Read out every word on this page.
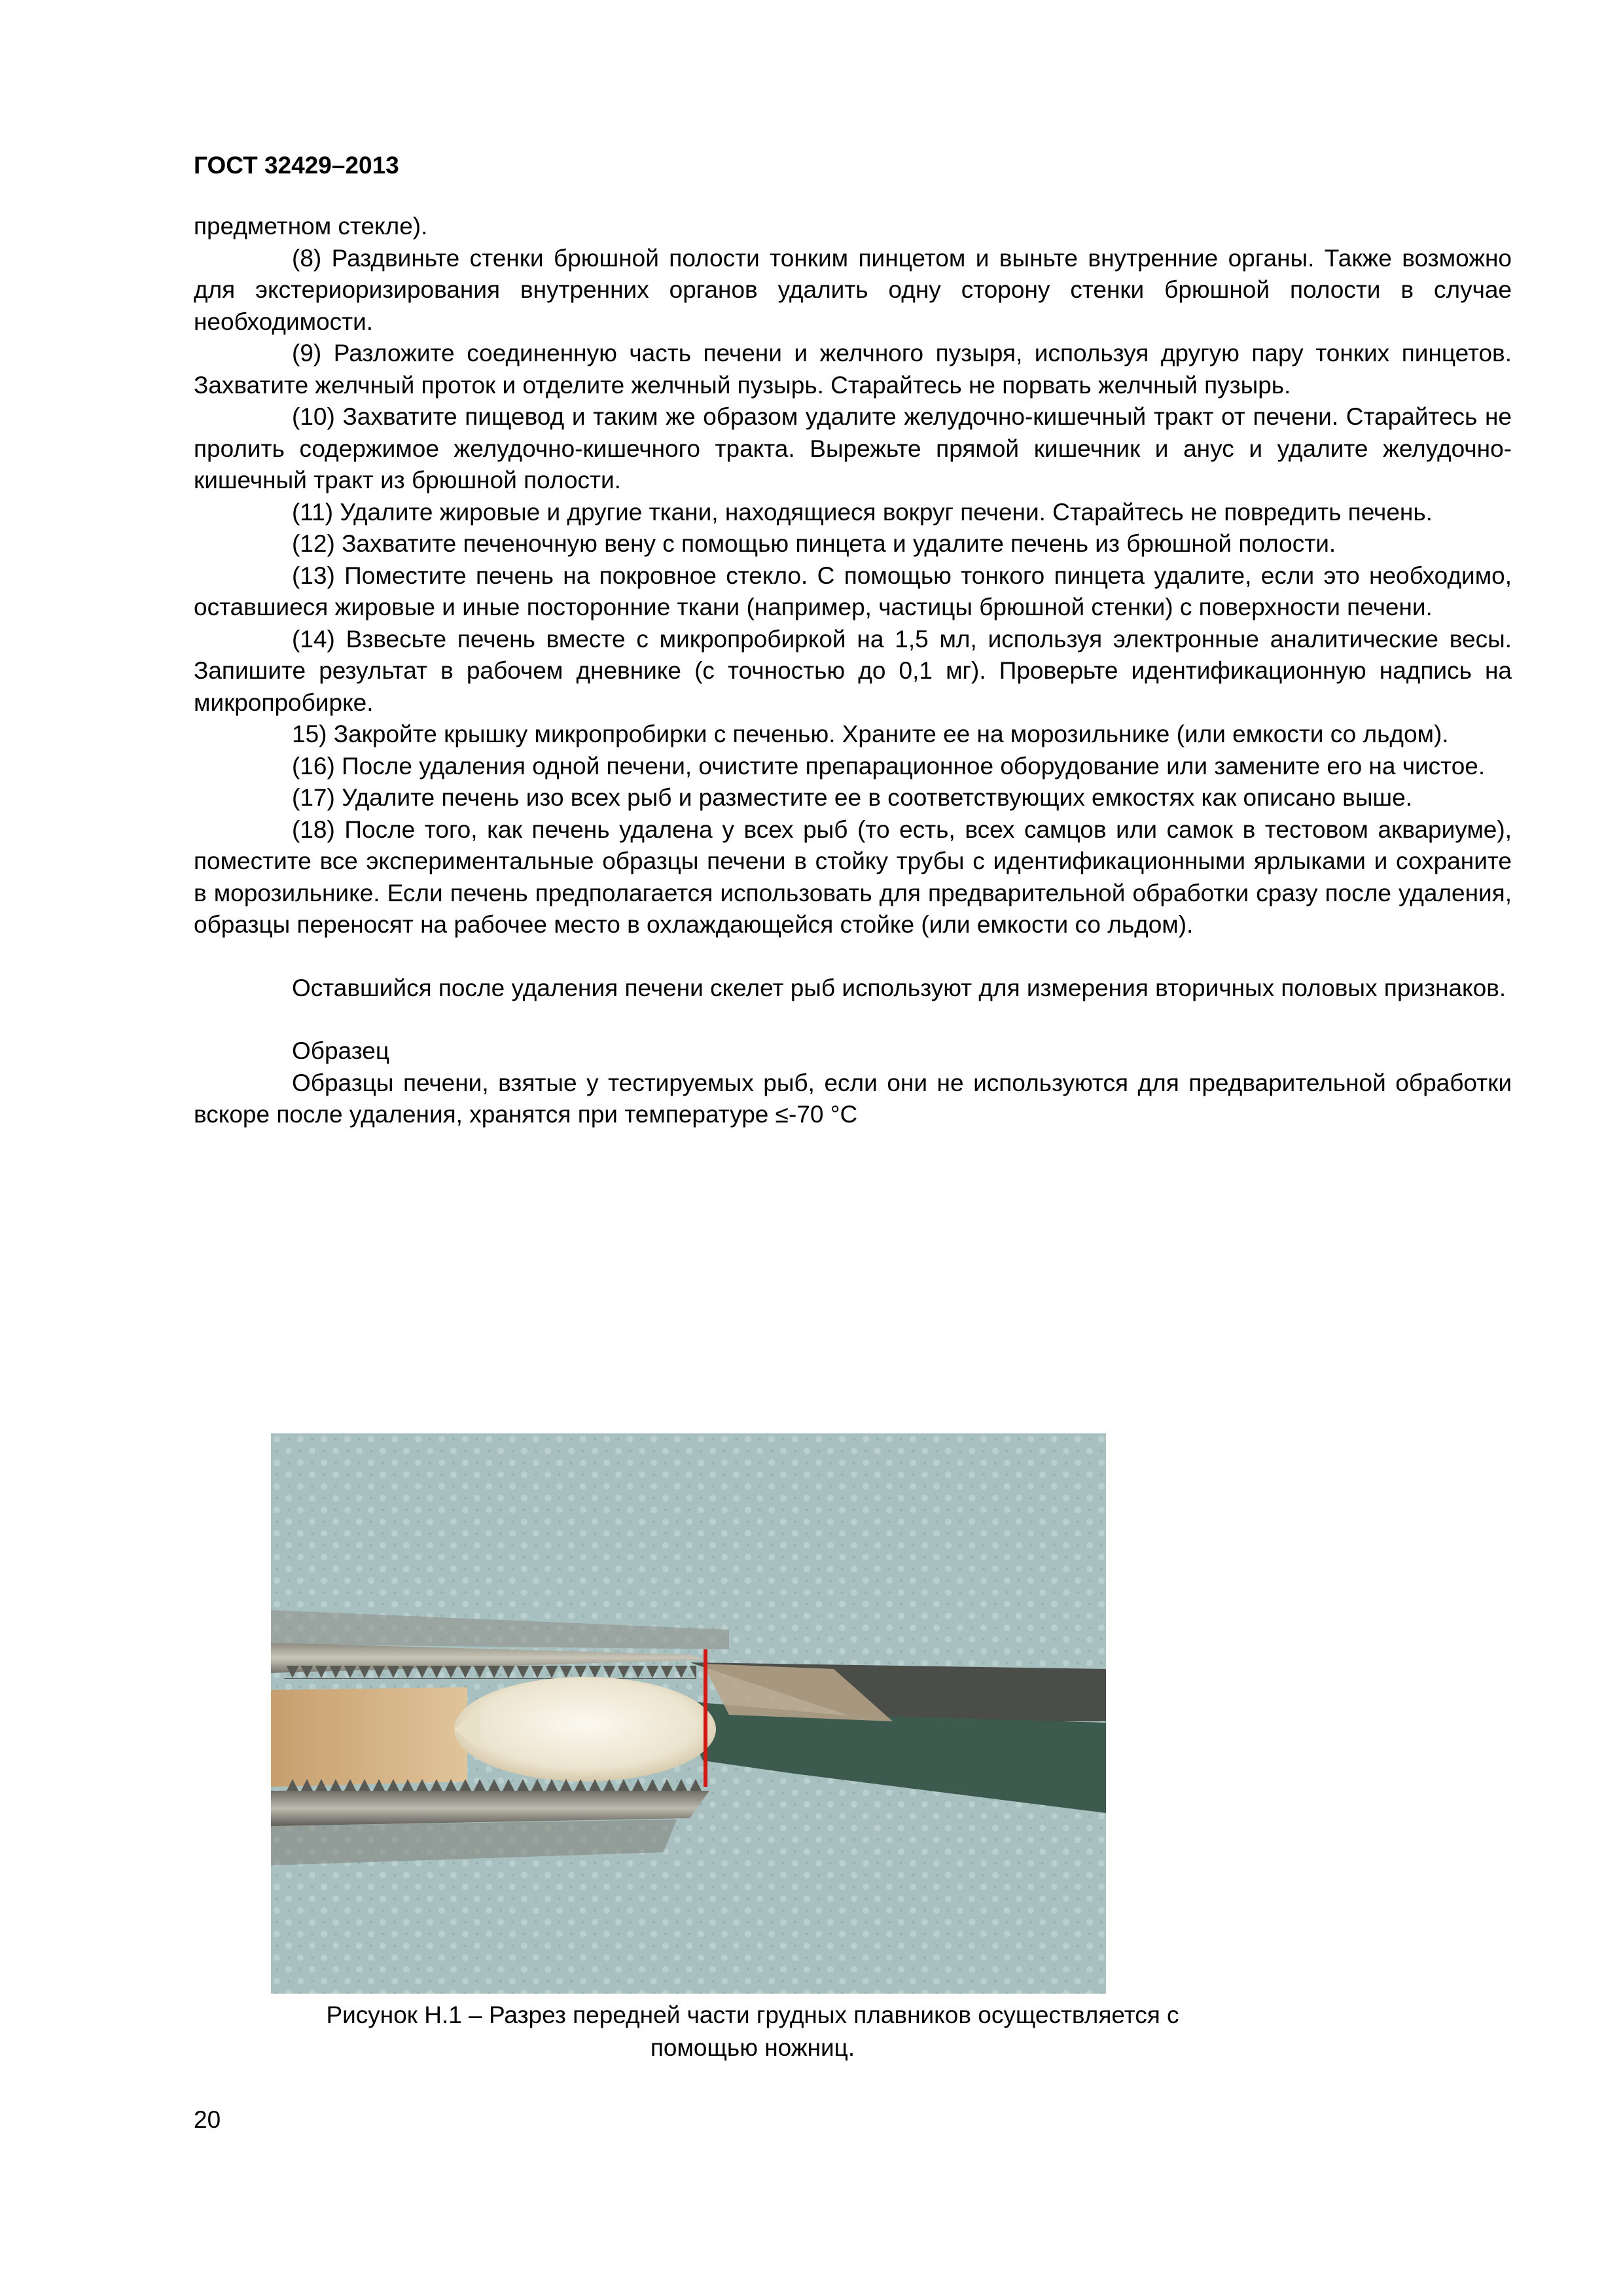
ГОСТ 32429–2013

предметном стекле).

(8) Раздвиньте стенки брюшной полости тонким пинцетом и выньте внутренние органы. Также возможно для экстериоризирования внутренних органов удалить одну сторону стенки брюшной полости в случае необходимости.

(9) Разложите соединенную часть печени и желчного пузыря, используя другую пару тонких пинцетов. Захватите желчный проток и отделите желчный пузырь. Старайтесь не порвать желчный пузырь.

(10) Захватите пищевод и таким же образом удалите желудочно-кишечный тракт от печени. Старайтесь не пролить содержимое желудочно-кишечного тракта. Вырежьте прямой кишечник и анус и удалите желудочно-кишечный тракт из брюшной полости.

(11) Удалите жировые и другие ткани, находящиеся вокруг печени. Старайтесь не повредить печень.

(12) Захватите печеночную вену с помощью пинцета и удалите печень из брюшной полости.

(13) Поместите печень на покровное стекло. С помощью тонкого пинцета удалите, если это необходимо, оставшиеся жировые и иные посторонние ткани (например, частицы брюшной стенки) с поверхности печени.

(14) Взвесьте печень вместе с микропробиркой на 1,5 мл, используя электронные аналитические весы. Запишите результат в рабочем дневнике (с точностью до 0,1 мг). Проверьте идентификационную надпись на микропробирке.

15) Закройте крышку микропробирки с печенью. Храните ее на морозильнике (или емкости со льдом).

(16) После удаления одной печени, очистите препарационное оборудование или замените его на чистое.

(17) Удалите печень изо всех рыб и разместите ее в соответствующих емкостях как описано выше.

(18) После того, как печень удалена у всех рыб (то есть, всех самцов или самок в тестовом аквариуме), поместите все экспериментальные образцы печени в стойку трубы с идентификационными ярлыками и сохраните в морозильнике. Если печень предполагается использовать для предварительной обработки сразу после удаления, образцы переносят на рабочее место в охлаждающейся стойке (или емкости со льдом).

Оставшийся после удаления печени скелет рыб используют для измерения вторичных половых признаков.

Образец

Образцы печени, взятые у тестируемых рыб, если они не используются для предварительной обработки вскоре после удаления, хранятся при температуре ≤-70 °С

Рисунок Н.1 – Разрез передней части грудных плавников осуществляется с
помощью ножниц.
20
